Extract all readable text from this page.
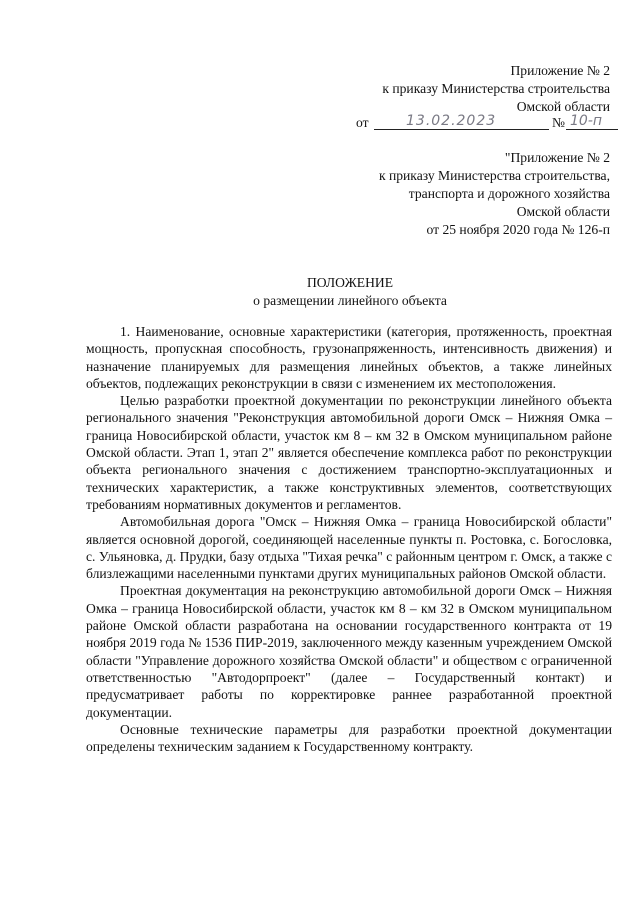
Приложение № 2
к приказу Министерства строительства
Омской области
от	13.02.2023	№ 10-п
"Приложение № 2
к приказу Министерства строительства,
транспорта и дорожного хозяйства
Омской области
от 25 ноября 2020 года № 126-п
ПОЛОЖЕНИЕ
о размещении линейного объекта

1. Наименование, основные характеристики (категория, протяженность, проектная мощность, пропускная способность, грузонапряженность, интенсивность движения) и назначение планируемых для размещения линейных объектов, а также линейных объектов, подлежащих реконструкции в связи с изменением их местоположения.

Целью разработки проектной документации по реконструкции линейного объекта регионального значения "Реконструкция автомобильной дороги Омск – Нижняя Омка – граница Новосибирской области, участок км 8 – км 32 в Омском муниципальном районе Омской области. Этап 1, этап 2" является обеспечение комплекса работ по реконструкции объекта регионального значения с достижением транспортно-эксплуатационных и технических характеристик, а также конструктивных элементов, соответствующих требованиям нормативных документов и регламентов.

Автомобильная дорога "Омск – Нижняя Омка – граница Новосибирской области" является основной дорогой, соединяющей населенные пункты п. Ростовка, с. Богословка, с. Ульяновка, д. Прудки, базу отдыха "Тихая речка" с районным центром г. Омск, а также с близлежащими населенными пунктами других муниципальных районов Омской области.

Проектная документация на реконструкцию автомобильной дороги Омск – Нижняя Омка – граница Новосибирской области, участок км 8 – км 32 в Омском муниципальном районе Омской области разработана на основании государственного контракта от 19 ноября 2019 года № 1536 ПИР-2019, заключенного между казенным учреждением Омской области "Управление дорожного хозяйства Омской области" и обществом с ограниченной ответственностью "Автодорпроект" (далее – Государственный контакт) и предусматривает работы по корректировке раннее разработанной проектной документации.

Основные технические параметры для разработки проектной документации определены техническим заданием к Государственному контракту.
